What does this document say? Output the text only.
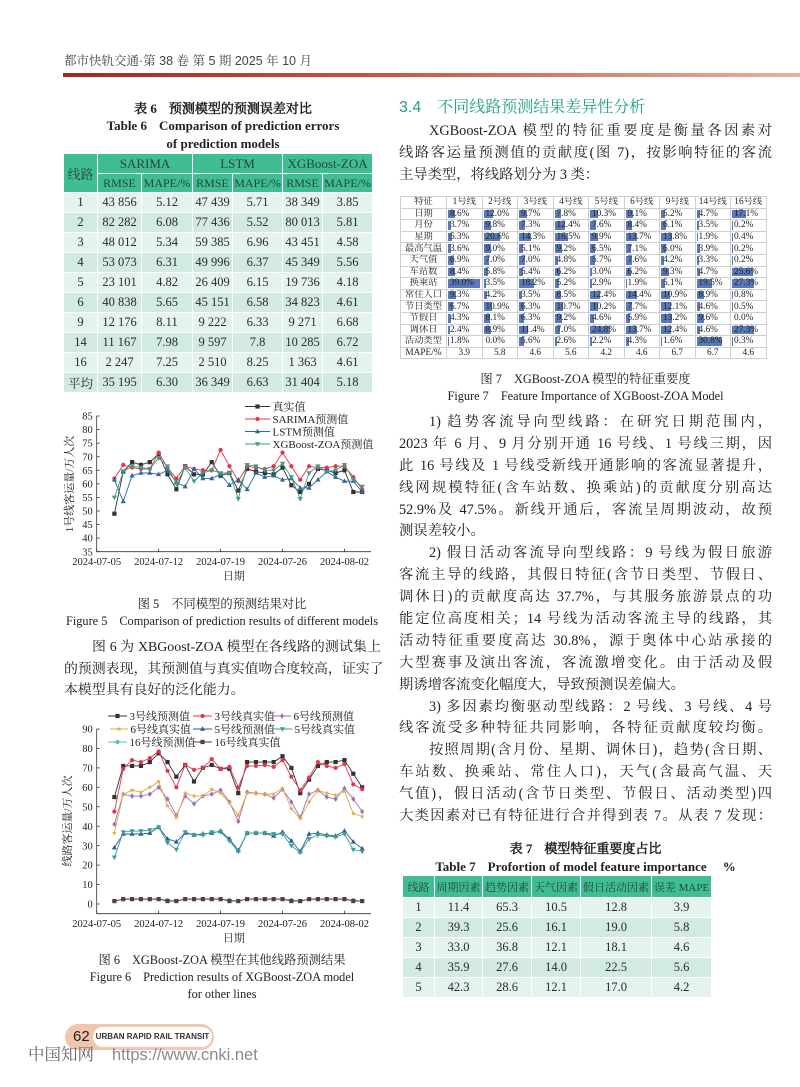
都市快轨交通·第 38 卷 第 5 期 2025 年 10 月
表 6 预测模型的预测误差对比
Table 6 Comparison of prediction errors
of prediction models
线路	SARIMA		LSTM		XGBoost-ZOA	
	RMSE	MAPE/%	RMSE	MAPE/%	RMSE	MAPE/%
1	43 856	5.12	47 439	5.71	38 349	3.85
2	82 282	6.08	77 436	5.52	80 013	5.81
3	48 012	5.34	59 385	6.96	43 451	4.58
4	53 073	6.31	49 996	6.37	45 349	5.56
5	23 101	4.82	26 409	6.15	19 736	4.18
6	40 838	5.65	45 151	6.58	34 823	4.61
9	12 176	8.11	9 222	6.33	9 271	6.68
14	11 167	7.98	9 597	7.8	10 285	6.72
16	2 247	7.25	2 510	8.25	1 363	4.61
平均	35 195	6.30	36 349	6.63	31 404	5.18
35
40
45
50
55
60
65
70
75
80
85
2024-07-05 2024-07-12 2024-07-19 2024-07-26 2024-08-02
日期
1号线客运量/万人次
真实值
SARIMA预测值
LSTM预测值
XGBoost-ZOA预测值
图 5 不同模型的预测结果对比
Figure 5 Comparison of prediction results of different models
图 6 为 XBGoost-ZOA 模型在各线路的测试集上
的预测表现，其预测值与真实值吻合度较高，证实了
本模型具有良好的泛化能力。
0
10
20
30
40
50
60
70
80
90
2024-07-05 2024-07-12 2024-07-19 2024-07-26 2024-08-02
日期
线路客运量/万人次
3号线预测值 3号线真实值 6号线预测值
6号线真实值 5号线预测值 5号线真实值
16号线预测值 16号线真实值
图 6 XGBoost-ZOA 模型在其他线路预测结果
Figure 6 Prediction results of XGBoost-ZOA model
for other lines
62 URBAN RAPID RAIL TRANSIT
中国知网 https://www.cnki.net
3.4 不同线路预测结果差异性分析
XGBoost-ZOA 模型的特征重要度是衡量各因素对
线路客运量预测值的贡献度(图 7)，按影响特征的客流
主导类型，将线路划分为 3 类：
特征	1号线	2号线	3号线	4号线	5号线	6号线	9号线	14号线	16号线
日期	8.6%	12.0%	9.7%	7.8%	10.3%	9.1%	5.2%	4.7%	17.1%
月份	3.7%	9.8%	7.3%	12.4%	7.6%	8.4%	6.1%	3.5%	0.2%
星期	5.3%	20.6%	14.3%	16.5%	9.9%	13.7%	13.8%	1.9%	0.4%
最高气温	3.6%	9.0%	5.1%	9.2%	6.5%	7.1%	6.0%	3.9%	0.2%
天气值	6.9%	7.0%	7.0%	4.8%	5.7%	7.6%	4.2%	3.3%	0.2%
车站数	8.4%	5.8%	5.4%	6.2%	3.0%	6.2%	9.3%	4.7%	25.6%
换乘站	39.0%	3.5%	18.2%	5.2%	2.9%	1.9%	5.1%	19.5%	27.3%
常住人口	9.3%	4.2%	3.5%	8.5%	12.4%	14.4%	10.9%	8.9%	0.8%
节日类型	6.7%	10.9%	6.3%	10.7%	10.2%	7.7%	12.1%	4.6%	0.5%
节假日	4.3%	8.1%	6.3%	9.2%	4.6%	5.9%	13.2%	9.6%	0.0%
调休日	2.4%	8.9%	11.4%	7.0%	24.8%	13.7%	12.4%	4.6%	27.3%
活动类型	1.8%	0.0%	5.6%	2.6%	2.2%	4.3%	1.6%	30.8%	0.3%
MAPE/%	3.9	5.8	4.6	5.6	4.2	4.6	6.7	6.7	4.6
图 7 XGBoost-ZOA 模型的特征重要度
Figure 7 Feature Importance of XGBoost-ZOA Model
1) 趋势客流导向型线路：在研究日期范围内，
2023 年 6 月、9 月分别开通 16 号线、1 号线三期，因
此 16 号线及 1 号线受新线开通影响的客流显著提升，
线网规模特征(含车站数、换乘站)的贡献度分别高达
52.9%及 47.5%。新线开通后，客流呈周期波动，故预
测误差较小。
2) 假日活动客流导向型线路：9 号线为假日旅游
客流主导的线路，其假日特征(含节日类型、节假日、
调休日)的贡献度高达 37.7%，与其服务旅游景点的功
能定位高度相关；14 号线为活动客流主导的线路，其
活动特征重要度高达 30.8%，源于奥体中心站承接的
大型赛事及演出客流，客流激增变化。由于活动及假
期诱增客流变化幅度大，导致预测误差偏大。
3) 多因素均衡驱动型线路：2 号线、3 号线、4 号
线客流受多种特征共同影响，各特征贡献度较均衡。
按照周期(含月份、星期、调休日)，趋势(含日期、
车站数、换乘站、常住人口)，天气(含最高气温、天
气值)，假日活动(含节日类型、节假日、活动类型)四
大类因素对已有特征进行合并得到表 7。从表 7 发现：
表 7 模型特征重要度占比
Table 7 Profortion of model feature importance %
线路	周期因素	趋势因素	天气因素	假日活动因素	误差 MAPE
1	11.4	65.3	10.5	12.8	3.9
2	39.3	25.6	16.1	19.0	5.8
3	33.0	36.8	12.1	18.1	4.6
4	35.9	27.6	14.0	22.5	5.6
5	42.3	28.6	12.1	17.0	4.2
